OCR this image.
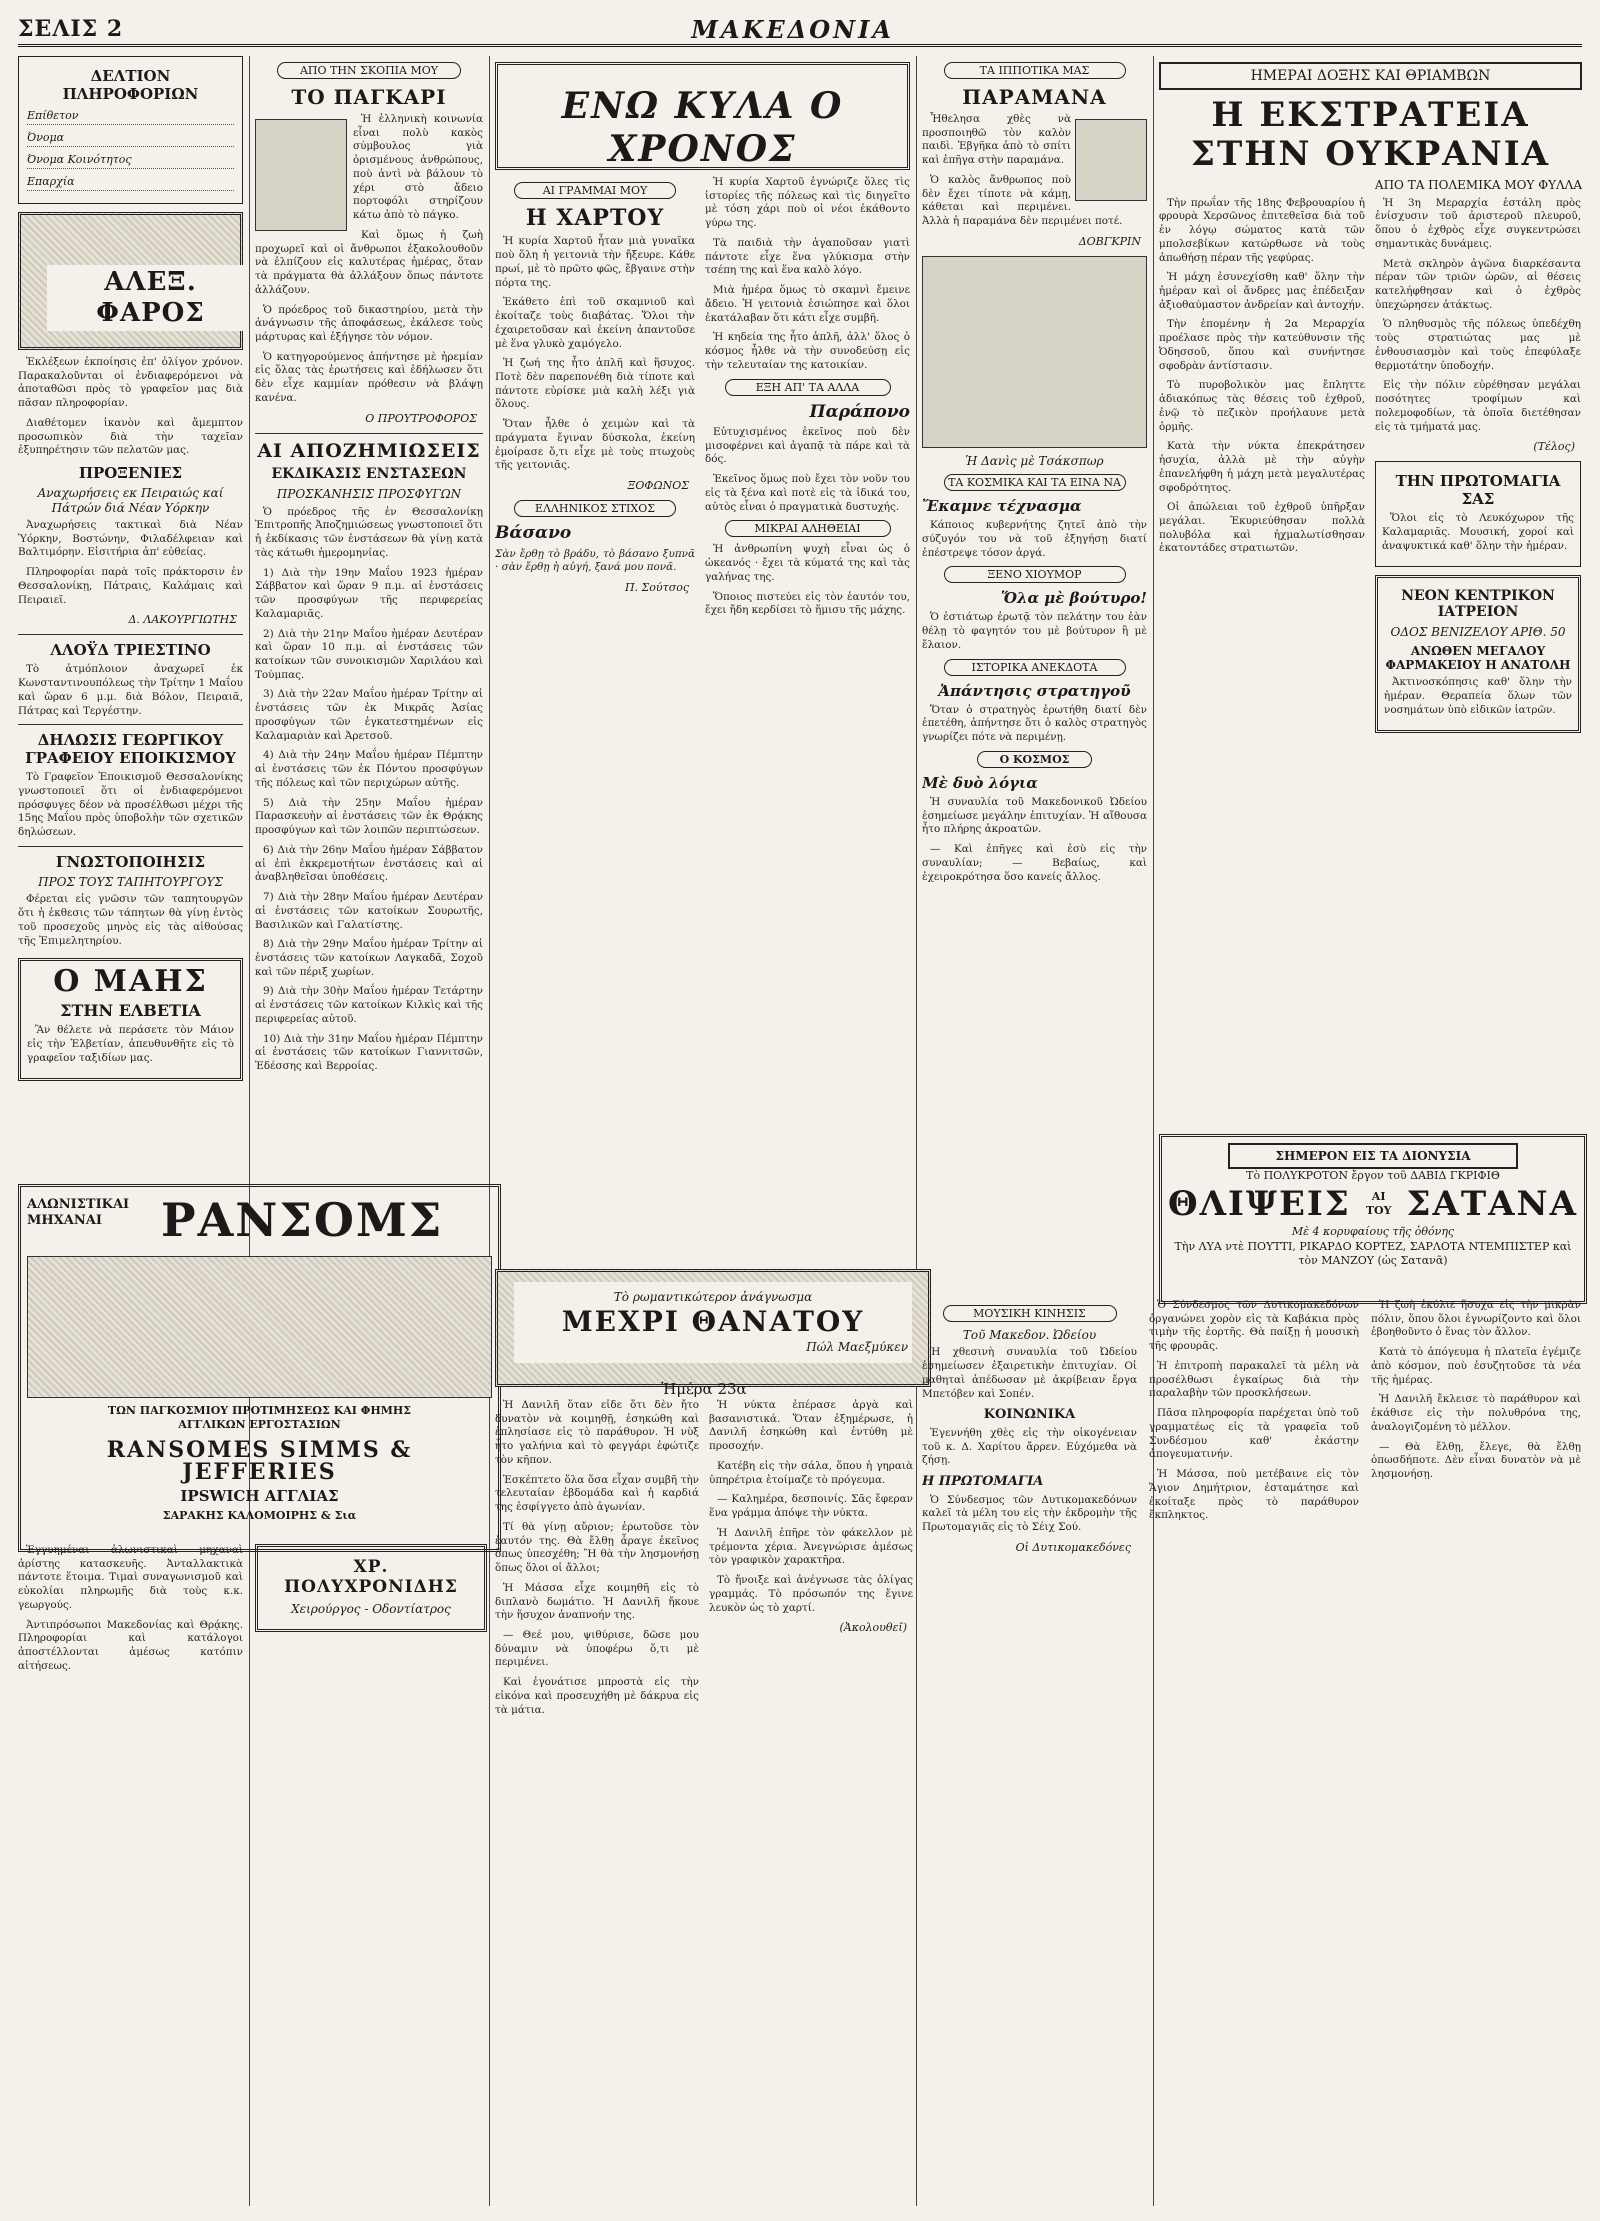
ΣΕΛΙΣ 2	ΜΑΚΕΔΟΝΙΑ
ΔΕΛΤΙΟΝ ΠΛΗΡΟΦΟΡΙΩΝ
Επίθετον
Όνομα
Όνομα Κοινότητος
Επαρχία
ΑΛΕΞ. ΦΑΡΟΣ

Ἐκλέξεων ἐκποίησις ἐπ' ὀλίγον χρόνον. Παρακαλοῦνται οἱ ἐνδιαφερόμενοι νὰ ἀποταθῶσι πρὸς τὸ γραφεῖον μας διὰ πᾶσαν πληροφορίαν.

Διαθέτομεν ἱκανὸν καὶ ἄμεμπτον προσωπικὸν διὰ τὴν ταχεῖαν ἐξυπηρέτησιν τῶν πελατῶν μας.

ΠΡΟΞΕΝΙΕΣ
Αναχωρήσεις εκ Πειραιώς καί Πάτρών διά Νέαν Υόρκην

Ἀναχωρήσεις τακτικαὶ διὰ Νέαν Ὑόρκην, Βοστώνην, Φιλαδέλφειαν καὶ Βαλτιμόρην. Εἰσιτήρια ἀπ' εὐθείας.

Πληροφορίαι παρὰ τοῖς πράκτορσιν ἐν Θεσσαλονίκῃ, Πάτραις, Καλάμαις καὶ Πειραιεῖ.

Δ. ΛΑΚΟΥΡΓΙΩΤΗΣ
ΛΛΟΫΔ ΤΡΙΕΣΤΙΝΟ

Τὸ ἀτμόπλοιον ἀναχωρεῖ ἐκ Κωνσταντινουπόλεως τὴν Τρίτην 1 Μαΐου καὶ ὥραν 6 μ.μ. διὰ Βόλον, Πειραιᾶ, Πάτρας καὶ Τεργέστην.

ΔΗΛΩΣΙΣ ΓΕΩΡΓΙΚΟΥ ΓΡΑΦΕΙΟΥ ΕΠΟΙΚΙΣΜΟΥ

Τὸ Γραφεῖον Ἐποικισμοῦ Θεσσαλονίκης γνωστοποιεῖ ὅτι οἱ ἐνδιαφερόμενοι πρόσφυγες δέον νὰ προσέλθωσι μέχρι τῆς 15ης Μαΐου πρὸς ὑποβολὴν τῶν σχετικῶν δηλώσεων.

ΓΝΩΣΤΟΠΟΙΗΣΙΣ
ΠΡΟΣ ΤΟΥΣ ΤΑΠΗΤΟΥΡΓΟΥΣ

Φέρεται εἰς γνῶσιν τῶν ταπητουργῶν ὅτι ἡ ἐκθεσις τῶν τάπητων θὰ γίνῃ ἐντὸς τοῦ προσεχοῦς μηνὸς εἰς τὰς αἰθούσας τῆς Ἐπιμελητηρίου.

Ο ΜΑΗΣ
ΣΤΗΝ ΕΛΒΕΤΙΑ

Ἂν θέλετε νὰ περάσετε τὸν Μάιον εἰς τὴν Ἑλβετίαν, ἀπευθυνθῆτε εἰς τὸ γραφεῖον ταξιδίων μας.

ΑΛΩΝΙΣΤΙΚΑΙ ΜΗΧΑΝΑΙ	ΡΑΝΣΟΜΣ
ΤΩΝ ΠΑΓΚΟΣΜΙΟΥ ΠΡΟΤΙΜΗΣΕΩΣ ΚΑΙ ΦΗΜΗΣ
ΑΓΓΛΙΚΩΝ ΕΡΓΟΣΤΑΣΙΩΝ
RANSOMES SIMMS & JEFFERIES
IPSWICH ΑΓΓΛΙΑΣ
ΣΑΡΑΚΗΣ ΚΑΛΟΜΟΙΡΗΣ & Σια

Ἐγγυημέναι ἀλωνιστικαὶ μηχαναὶ ἀρίστης κατασκευῆς. Ἀνταλλακτικὰ πάντοτε ἕτοιμα. Τιμαὶ συναγωνισμοῦ καὶ εὐκολίαι πληρωμῆς διὰ τοὺς κ.κ. γεωργούς.

Ἀντιπρόσωποι Μακεδονίας καὶ Θρᾴκης. Πληροφορίαι καὶ κατάλογοι ἀποστέλλονται ἀμέσως κατόπιν αἰτήσεως.

ΑΠΟ ΤΗΝ ΣΚΟΠΙΑ ΜΟΥ
ΤΟ ΠΑΓΚΑΡΙ

Ἡ ἑλληνικὴ κοινωνία εἶναι πολὺ κακὸς σύμβουλος γιὰ ὁρισμένους ἀνθρώπους, ποὺ ἀντὶ νὰ βάλουν τὸ χέρι στὸ ἄδειο πορτοφόλι στηρίζουν κάτω ἀπὸ τὸ πάγκο.

Καὶ ὅμως ἡ ζωὴ προχωρεῖ καὶ οἱ ἄνθρωποι ἐξακολουθοῦν νὰ ἐλπίζουν εἰς καλυτέρας ἡμέρας, ὅταν τὰ πράγματα θὰ ἀλλάξουν ὅπως πάντοτε ἀλλάζουν.

Ὁ πρόεδρος τοῦ δικαστηρίου, μετὰ τὴν ἀνάγνωσιν τῆς ἀποφάσεως, ἐκάλεσε τοὺς μάρτυρας καὶ ἐξήγησε τὸν νόμον.

Ὁ κατηγορούμενος ἀπήντησε μὲ ἠρεμίαν εἰς ὅλας τὰς ἐρωτήσεις καὶ ἐδήλωσεν ὅτι δὲν εἶχε καμμίαν πρόθεσιν νὰ βλάψῃ κανένα.

Ο ΠΡΟΥΤΡΟΦΟΡΟΣ
ΑΙ ΑΠΟΖΗΜΙΩΣΕΙΣ
ΕΚΔΙΚΑΣΙΣ ΕΝΣΤΑΣΕΩΝ
ΠΡΟΣΚΑΝΗΣΙΣ ΠΡΟΣΦΥΓΩΝ

Ὁ πρόεδρος τῆς ἐν Θεσσαλονίκῃ Ἐπιτροπῆς Ἀποζημιώσεως γνωστοποιεῖ ὅτι ἡ ἐκδίκασις τῶν ἐνστάσεων θὰ γίνῃ κατὰ τὰς κάτωθι ἡμερομηνίας.

1) Διὰ τὴν 19ην Μαΐου 1923 ἡμέραν Σάββατον καὶ ὥραν 9 π.μ. αἱ ἐνστάσεις τῶν προσφύγων τῆς περιφερείας Καλαμαριᾶς.

2) Διὰ τὴν 21ην Μαΐου ἡμέραν Δευτέραν καὶ ὥραν 10 π.μ. αἱ ἐνστάσεις τῶν κατοίκων τῶν συνοικισμῶν Χαριλάου καὶ Τούμπας.

3) Διὰ τὴν 22αν Μαΐου ἡμέραν Τρίτην αἱ ἐνστάσεις τῶν ἐκ Μικρᾶς Ἀσίας προσφύγων τῶν ἐγκατεστημένων εἰς Καλαμαριὰν καὶ Ἀρετσοῦ.

4) Διὰ τὴν 24ην Μαΐου ἡμέραν Πέμπτην αἱ ἐνστάσεις τῶν ἐκ Πόντου προσφύγων τῆς πόλεως καὶ τῶν περιχώρων αὐτῆς.

5) Διὰ τὴν 25ην Μαΐου ἡμέραν Παρασκευὴν αἱ ἐνστάσεις τῶν ἐκ Θρᾴκης προσφύγων καὶ τῶν λοιπῶν περιπτώσεων.

6) Διὰ τὴν 26ην Μαΐου ἡμέραν Σάββατον αἱ ἐπὶ ἐκκρεμοτήτων ἐνστάσεις καὶ αἱ ἀναβληθεῖσαι ὑποθέσεις.

7) Διὰ τὴν 28ην Μαΐου ἡμέραν Δευτέραν αἱ ἐνστάσεις τῶν κατοίκων Σουρωτῆς, Βασιλικῶν καὶ Γαλατίστης.

8) Διὰ τὴν 29ην Μαΐου ἡμέραν Τρίτην αἱ ἐνστάσεις τῶν κατοίκων Λαγκαδᾶ, Σοχοῦ καὶ τῶν πέριξ χωρίων.

9) Διὰ τὴν 30ὴν Μαΐου ἡμέραν Τετάρτην αἱ ἐνστάσεις τῶν κατοίκων Κιλκὶς καὶ τῆς περιφερείας αὐτοῦ.

10) Διὰ τὴν 31ην Μαΐου ἡμέραν Πέμπτην αἱ ἐνστάσεις τῶν κατοίκων Γιαννιτσῶν, Ἐδέσσης καὶ Βερροίας.

ΧΡ. ΠΟΛΥΧΡΟΝΙΔΗΣ
Χειρούργος - Οδοντίατρος
ΕΝΩ ΚΥΛΑ Ο ΧΡΟΝΟΣ
ΑΙ ΓΡΑΜΜΑΙ ΜΟΥ
Η ΧΑΡΤΟΥ

Ἡ κυρία Χαρτοῦ ἦταν μιὰ γυναῖκα ποὺ ὅλη ἡ γειτονιὰ τὴν ἤξευρε. Κάθε πρωί, μὲ τὸ πρῶτο φῶς, ἔβγαινε στὴν πόρτα της.

Ἐκάθετο ἐπὶ τοῦ σκαμνιοῦ καὶ ἐκοίταζε τοὺς διαβάτας. Ὅλοι τὴν ἐχαιρετοῦσαν καὶ ἐκείνη ἀπαντοῦσε μὲ ἕνα γλυκὸ χαμόγελο.

Ἡ ζωή της ἦτο ἁπλῆ καὶ ἥσυχος. Ποτὲ δὲν παρεπονέθη διὰ τίποτε καὶ πάντοτε εὑρίσκε μιὰ καλὴ λέξι γιὰ ὅλους.

Ὅταν ἦλθε ὁ χειμὼν καὶ τὰ πράγματα ἔγιναν δύσκολα, ἐκείνη ἐμοίρασε ὅ,τι εἶχε μὲ τοὺς πτωχοὺς τῆς γειτονιᾶς.

ΞΟΦΩΝΟΣ
ΕΛΛΗΝΙΚΟΣ ΣΤΙΧΟΣ
Βάσανο

Σὰν ἔρθῃ τὸ βράδυ, τὸ βάσανο ξυπνᾶ · σὰν ἔρθῃ ἡ αὐγή, ξανά μου πονᾶ.

Π. Σούτσος

Ἡ κυρία Χαρτοῦ ἐγνώριζε ὅλες τὶς ἱστορίες τῆς πόλεως καὶ τὶς διηγεῖτο μὲ τόση χάρι ποὺ οἱ νέοι ἐκάθοντο γύρω της.

Τὰ παιδιὰ τὴν ἀγαποῦσαν γιατὶ πάντοτε εἶχε ἕνα γλύκισμα στὴν τσέπη της καὶ ἕνα καλὸ λόγο.

Μιὰ ἡμέρα ὅμως τὸ σκαμνὶ ἔμεινε ἄδειο. Ἡ γειτονιὰ ἐσιώπησε καὶ ὅλοι ἐκατάλαβαν ὅτι κάτι εἶχε συμβῆ.

Ἡ κηδεία της ἦτο ἁπλῆ, ἀλλ' ὅλος ὁ κόσμος ἦλθε νὰ τὴν συνοδεύσῃ εἰς τὴν τελευταίαν της κατοικίαν.

ΕΞΗ ΑΠ' ΤΑ ΑΛΛΑ
Παράπονο

Εὐτυχισμένος ἐκεῖνος ποὺ δὲν μισοφέρνει καὶ ἀγαπᾷ τὰ πάρε καὶ τὰ δός.

Ἐκεῖνος ὅμως ποὺ ἔχει τὸν νοῦν του εἰς τὰ ξένα καὶ ποτὲ εἰς τὰ ἰδικά του, αὐτὸς εἶναι ὁ πραγματικὰ δυστυχής.

ΜΙΚΡΑΙ ΑΛΗΘΕΙΑΙ

Ἡ ἀνθρωπίνη ψυχὴ εἶναι ὡς ὁ ὠκεανός · ἔχει τὰ κύματά της καὶ τὰς γαλήνας της.

Ὅποιος πιστεύει εἰς τὸν ἑαυτόν του, ἔχει ἤδη κερδίσει τὸ ἥμισυ τῆς μάχης.

ΤΑ ΙΠΠΟΤΙΚΑ ΜΑΣ
ΠΑΡΑΜΑΝΑ

Ἦθελησα χθὲς νὰ προσποιηθῶ τὸν καλὸν παιδὶ. Ἐβγῆκα ἀπὸ τὸ σπίτι καὶ ἐπῆγα στὴν παραμάνα.

Ὁ καλὸς ἄνθρωπος ποὺ δὲν ἔχει τίποτε νὰ κάμῃ, κάθεται καὶ περιμένει. Ἀλλὰ ἡ παραμάνα δὲν περιμένει ποτέ.

ΔΟΒΓΚΡΙΝ
Ἡ Δανὶς μὲ Τσάκσπωρ
ΤΑ ΚΟΣΜΙΚΑ ΚΑΙ ΤΑ ΕΙΝΑ ΝΑ
Ἔκαμνε τέχνασμα

Κάποιος κυβερνήτης ζητεῖ ἀπὸ τὴν σύζυγόν του νὰ τοῦ ἐξηγήσῃ διατί ἐπέστρεψε τόσον ἀργά.

ΞΕΝΟ ΧΙΟΥΜΟΡ
Ὅλα μὲ βούτυρο!

Ὁ ἐστιάτωρ ἐρωτᾷ τὸν πελάτην του ἐὰν θέλῃ τὸ φαγητόν του μὲ βούτυρον ἢ μὲ ἔλαιον.

ΙΣΤΟΡΙΚΑ ΑΝΕΚΔΟΤΑ
Ἀπάντησις στρατηγοῦ

Ὅταν ὁ στρατηγὸς ἐρωτήθη διατί δὲν ἐπετέθη, ἀπήντησε ὅτι ὁ καλὸς στρατηγὸς γνωρίζει πότε νὰ περιμένῃ.

Ο ΚΟΣΜΟΣ
Μὲ δυὸ λόγια

Ἡ συναυλία τοῦ Μακεδονικοῦ Ὠδείου ἐσημείωσε μεγάλην ἐπιτυχίαν. Ἡ αἴθουσα ἦτο πλήρης ἀκροατῶν.

— Καὶ ἐπῆγες καὶ ἐσὺ εἰς τὴν συναυλίαν; — Βεβαίως, καὶ ἐχειροκρότησα ὅσο κανείς ἄλλος.

ΗΜΕΡΑΙ ΔΟΞΗΣ ΚΑΙ ΘΡΙΑΜΒΩΝ
Η ΕΚΣΤΡΑΤΕΙΑ ΣΤΗΝ ΟΥΚΡΑΝΙΑ
ΑΠΟ ΤΑ ΠΟΛΕΜΙΚΑ ΜΟΥ ΦΥΛΛΑ

Τὴν πρωΐαν τῆς 18ης Φεβρουαρίου ἡ φρουρὰ Χερσῶνος ἐπιτεθεῖσα διὰ τοῦ ἐν λόγῳ σώματος κατὰ τῶν μπολσεβίκων κατώρθωσε νὰ τοὺς ἀπωθήσῃ πέραν τῆς γεφύρας.

Ἡ μάχη ἐσυνεχίσθη καθ' ὅλην τὴν ἡμέραν καὶ οἱ ἄνδρες μας ἐπέδειξαν ἀξιοθαύμαστον ἀνδρείαν καὶ ἀντοχήν.

Τὴν ἑπομένην ἡ 2α Μεραρχία προέλασε πρὸς τὴν κατεύθυνσιν τῆς Ὀδησσοῦ, ὅπου καὶ συνήντησε σφοδρὰν ἀντίστασιν.

Τὸ πυροβολικὸν μας ἔπληττε ἀδιακόπως τὰς θέσεις τοῦ ἐχθροῦ, ἐνῷ τὸ πεζικὸν προήλαυνε μετὰ ὁρμῆς.

Κατὰ τὴν νύκτα ἐπεκράτησεν ἡσυχία, ἀλλὰ μὲ τὴν αὐγὴν ἐπανελήφθη ἡ μάχη μετὰ μεγαλυτέρας σφοδρότητος.

Οἱ ἀπώλειαι τοῦ ἐχθροῦ ὑπῆρξαν μεγάλαι. Ἐκυριεύθησαν πολλὰ πολυβόλα καὶ ἠχμαλωτίσθησαν ἑκατοντάδες στρατιωτῶν.

Ἡ 3η Μεραρχία ἐστάλη πρὸς ἐνίσχυσιν τοῦ ἀριστεροῦ πλευροῦ, ὅπου ὁ ἐχθρὸς εἶχε συγκεντρώσει σημαντικὰς δυνάμεις.

Μετὰ σκληρὸν ἀγῶνα διαρκέσαντα πέραν τῶν τριῶν ὡρῶν, αἱ θέσεις κατελήφθησαν καὶ ὁ ἐχθρὸς ὑπεχώρησεν ἀτάκτως.

Ὁ πληθυσμὸς τῆς πόλεως ὑπεδέχθη τοὺς στρατιώτας μας μὲ ἐνθουσιασμὸν καὶ τοὺς ἐπεφύλαξε θερμοτάτην ὑποδοχήν.

Εἰς τὴν πόλιν εὑρέθησαν μεγάλαι ποσότητες τροφίμων καὶ πολεμοφοδίων, τὰ ὁποῖα διετέθησαν εἰς τὰ τμήματά μας.

(Τέλος)
ΤΗΝ ΠΡΩΤΟΜΑΓΙΑ ΣΑΣ

Ὅλοι εἰς τὸ Λευκόχωρον τῆς Καλαμαριᾶς. Μουσική, χοροί καὶ ἀναψυκτικά καθ' ὅλην τὴν ἡμέραν.

ΝΕΟΝ ΚΕΝΤΡΙΚΟΝ ΙΑΤΡΕΙΟΝ
ΟΔΟΣ ΒΕΝΙΖΕΛΟΥ ΑΡΙΘ. 50
ΑΝΩΘΕΝ ΜΕΓΑΛΟΥ ΦΑΡΜΑΚΕΙΟΥ Η ΑΝΑΤΟΛΗ

Ἀκτινοσκόπησις καθ' ὅλην τὴν ἡμέραν. Θεραπεία ὅλων τῶν νοσημάτων ὑπὸ εἰδικῶν ἰατρῶν.

ΣΗΜΕΡΟΝ ΕΙΣ ΤΑ ΔΙΟΝΥΣΙΑ
Τὸ ΠΟΛΥΚΡΟΤΟΝ ἔργον τοῦ ΔΑΒΙΔ ΓΚΡΙΦΙΘ
ΘΛΙΨΕΙΣ	ΑΙ ΤΟΥ ΣΑΤΑΝΑ
Μὲ 4 κορυφαίους τῆς ὀθόνης
Τὴν ΛΥΑ ντὲ ΠΟΥΤΤΙ, ΡΙΚΑΡΔΟ ΚΟΡΤΕΖ, ΣΑΡΛΟΤΑ ΝΤΕΜΠΙΣΤΕΡ καὶ τὸν ΜΑΝΖΟΥ (ὡς Σατανᾶ)
Τὸ ρωμαντικώτερον ἀνάγνωσμα
ΜΕΧΡΙ ΘΑΝΑΤΟΥ
Πώλ Μαεξμύκεν
Ἡμέρα 23α

Ἡ Δανιλῆ ὅταν εἶδε ὅτι δὲν ἤτο δυνατὸν νὰ κοιμηθῇ, ἐσηκώθη καὶ ἐπλησίασε εἰς τὸ παράθυρον. Ἡ νὺξ ἦτο γαλήνια καὶ τὸ φεγγάρι ἐφώτιζε τὸν κῆπον.

Ἐσκέπτετο ὅλα ὅσα εἶχαν συμβῆ τὴν τελευταίαν ἑβδομάδα καὶ ἡ καρδιά της ἐσφίγγετο ἀπὸ ἀγωνίαν.

Τί θὰ γίνῃ αὔριον; ἐρωτοῦσε τὸν ἑαυτόν της. Θὰ ἔλθῃ ἆραγε ἐκεῖνος ὅπως ὑπεσχέθη; Ἢ θὰ τὴν λησμονήσῃ ὅπως ὅλοι οἱ ἄλλοι;

Ἡ Μάσσα εἶχε κοιμηθῆ εἰς τὸ διπλανὸ δωμάτιο. Ἡ Δανιλῆ ἤκουε τὴν ἥσυχον ἀναπνοήν της.

— Θεέ μου, ψιθύρισε, δῶσε μου δύναμιν νὰ ὑποφέρω ὅ,τι μὲ περιμένει.

Καὶ ἐγονάτισε μπροστὰ εἰς τὴν εἰκόνα καὶ προσευχήθη μὲ δάκρυα εἰς τὰ μάτια.

Ἡ νύκτα ἐπέρασε ἀργὰ καὶ βασανιστικά. Ὅταν ἐξημέρωσε, ἡ Δανιλῆ ἐσηκώθη καὶ ἐντύθη μὲ προσοχήν.

Κατέβη εἰς τὴν σάλα, ὅπου ἡ γηραιὰ ὑπηρέτρια ἑτοίμαζε τὸ πρόγευμα.

— Καλημέρα, δεσποινίς. Σᾶς ἔφεραν ἕνα γράμμα ἀπόψε τὴν νύκτα.

Ἡ Δανιλῆ ἐπῆρε τὸν φάκελλον μὲ τρέμοντα χέρια. Ἀνεγνώρισε ἀμέσως τὸν γραφικὸν χαρακτῆρα.

Τὸ ἤνοιξε καὶ ἀνέγνωσε τὰς ὀλίγας γραμμάς. Τὸ πρόσωπόν της ἔγινε λευκὸν ὡς τὸ χαρτί.

(Ἀκολουθεῖ)
ΜΟΥΣΙΚΗ ΚΙΝΗΣΙΣ
Τοῦ Μακεδον. Ὠδείου

Ἡ χθεσινὴ συναυλία τοῦ Ὠδείου ἐσημείωσεν ἐξαιρετικὴν ἐπιτυχίαν. Οἱ μαθηταὶ ἀπέδωσαν μὲ ἀκρίβειαν ἔργα Μπετόβεν καὶ Σοπέν.

ΚΟΙΝΩΝΙΚΑ

Ἐγεννήθη χθὲς εἰς τὴν οἰκογένειαν τοῦ κ. Δ. Χαρίτου ἄρρεν. Εὐχόμεθα νὰ ζήσῃ.

Η ΠΡΩΤΟΜΑΓΙΑ

Ὁ Σύνδεσμος τῶν Δυτικομακεδόνων καλεῖ τὰ μέλη του εἰς τὴν ἐκδρομὴν τῆς Πρωτομαγιᾶς εἰς τὸ Σέιχ Σού.

Οἱ Δυτικομακεδόνες

Ὁ Σύνδεσμος τῶν Δυτικομακεδόνων ὀργανώνει χορὸν εἰς τὰ Καβάκια πρὸς τιμὴν τῆς ἑορτῆς. Θὰ παίξῃ ἡ μουσικὴ τῆς φρουρᾶς.

Ἡ ἐπιτροπὴ παρακαλεῖ τὰ μέλη νὰ προσέλθωσι ἐγκαίρως διὰ τὴν παραλαβὴν τῶν προσκλήσεων.

Πᾶσα πληροφορία παρέχεται ὑπὸ τοῦ γραμματέως εἰς τὰ γραφεῖα τοῦ Συνδέσμου καθ' ἑκάστην ἀπογευματινήν.

Ἡ Μάσσα, ποὺ μετέβαινε εἰς τὸν Ἄγιον Δημήτριον, ἐσταμάτησε καὶ ἐκοίταξε πρὸς τὸ παράθυρον ἔκπληκτος.

Ἡ ζωὴ ἐκύλιε ἥσυχα εἰς τὴν μικρὰν πόλιν, ὅπου ὅλοι ἐγνωρίζοντο καὶ ὅλοι ἐβοηθοῦντο ὁ ἕνας τὸν ἄλλον.

Κατὰ τὸ ἀπόγευμα ἡ πλατεῖα ἐγέμιζε ἀπὸ κόσμον, ποὺ ἐσυζητοῦσε τὰ νέα τῆς ἡμέρας.

Ἡ Δανιλῆ ἔκλεισε τὸ παράθυρον καὶ ἐκάθισε εἰς τὴν πολυθρόνα της, ἀναλογιζομένη τὸ μέλλον.

— Θὰ ἔλθῃ, ἔλεγε, θὰ ἔλθῃ ὁπωσδήποτε. Δὲν εἶναι δυνατὸν νὰ μὲ λησμονήσῃ.
